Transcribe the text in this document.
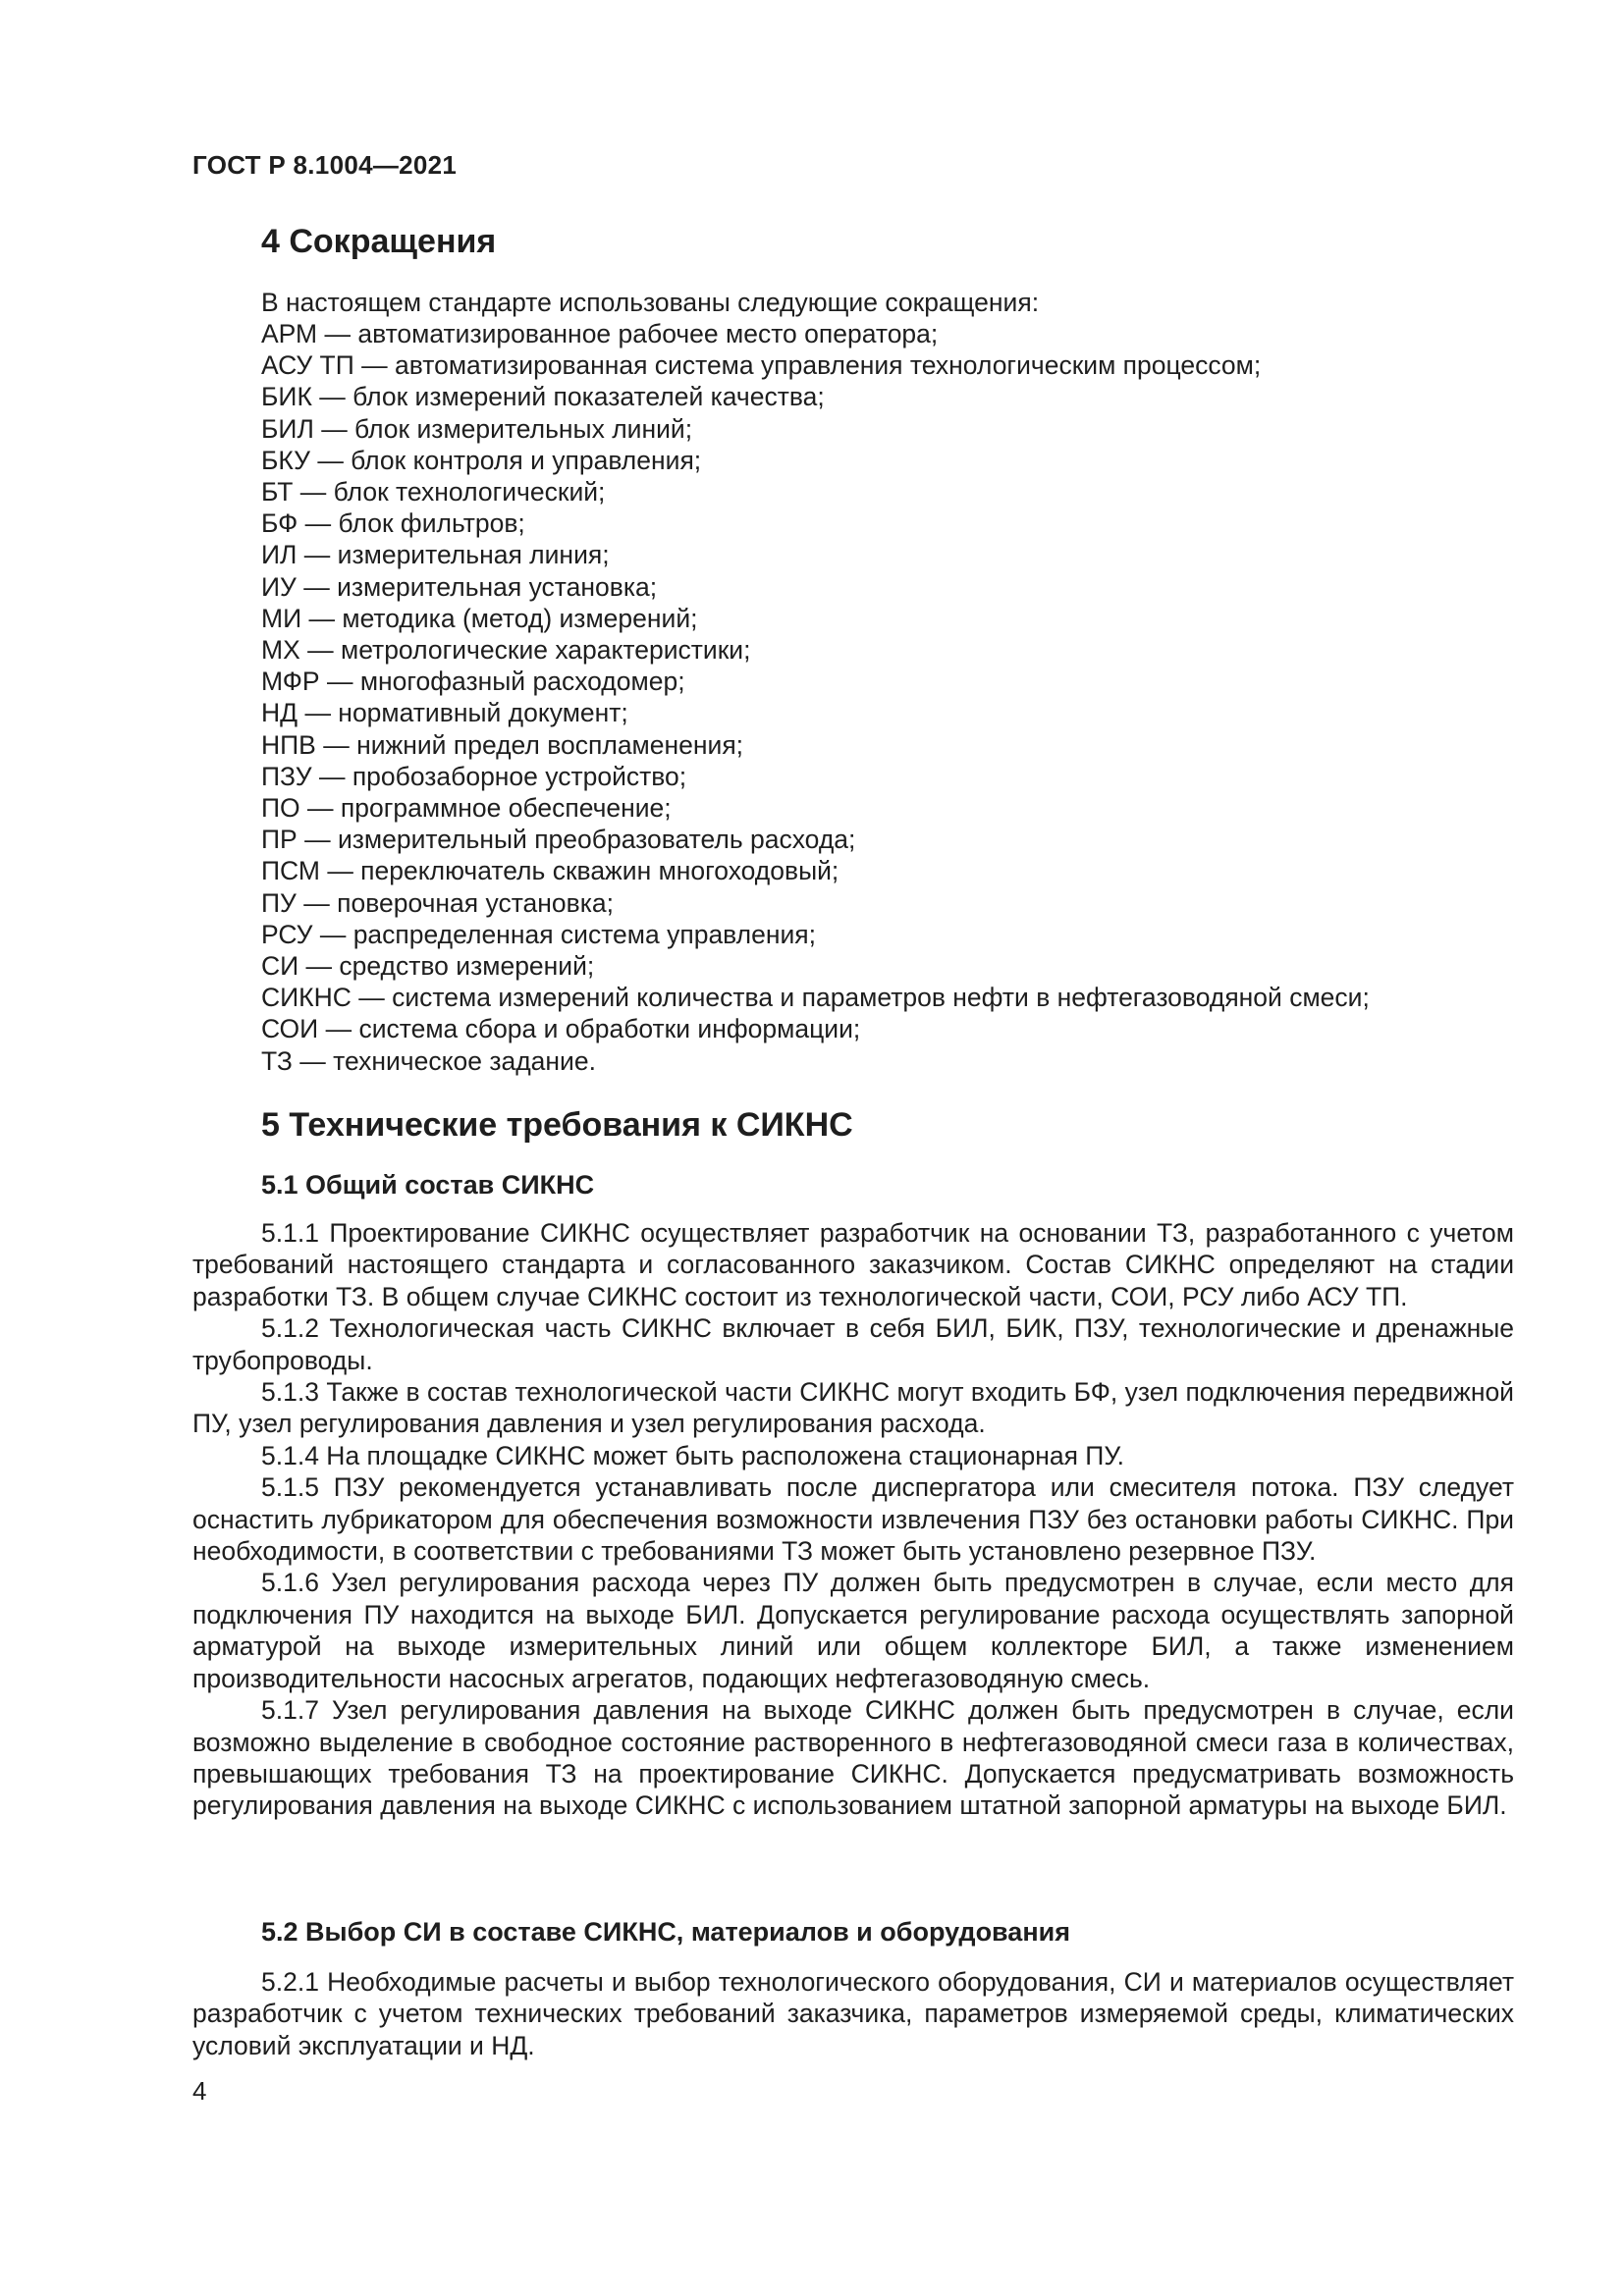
ГОСТ Р 8.1004—2021
4 Сокращения

В настоящем стандарте использованы следующие сокращения:

АРМ — автоматизированное рабочее место оператора;
АСУ ТП — автоматизированная система управления технологическим процессом;
БИК — блок измерений показателей качества;
БИЛ — блок измерительных линий;
БКУ — блок контроля и управления;
БТ — блок технологический;
БФ — блок фильтров;
ИЛ — измерительная линия;
ИУ — измерительная установка;
МИ — методика (метод) измерений;
МХ — метрологические характеристики;
МФР — многофазный расходомер;
НД — нормативный документ;
НПВ — нижний предел воспламенения;
ПЗУ — пробозаборное устройство;
ПО — программное обеспечение;
ПР — измерительный преобразователь расхода;
ПСМ — переключатель скважин многоходовый;
ПУ — поверочная установка;
РСУ — распределенная система управления;
СИ — средство измерений;
СИКНС — система измерений количества и параметров нефти в нефтегазоводяной смеси;
СОИ — система сбора и обработки информации;
ТЗ — техническое задание.
5 Технические требования к СИКНС
5.1 Общий состав СИКНС

5.1.1 Проектирование СИКНС осуществляет разработчик на основании ТЗ, разработанного с учетом требований настоящего стандарта и согласованного заказчиком. Состав СИКНС определяют на стадии разработки ТЗ. В общем случае СИКНС состоит из технологической части, СОИ, РСУ либо АСУ ТП.

5.1.2 Технологическая часть СИКНС включает в себя БИЛ, БИК, ПЗУ, технологические и дренажные трубопроводы.

5.1.3 Также в состав технологической части СИКНС могут входить БФ, узел подключения передвижной ПУ, узел регулирования давления и узел регулирования расхода.

5.1.4 На площадке СИКНС может быть расположена стационарная ПУ.

5.1.5 ПЗУ рекомендуется устанавливать после диспергатора или смесителя потока. ПЗУ следует оснастить лубрикатором для обеспечения возможности извлечения ПЗУ без остановки работы СИКНС. При необходимости, в соответствии с требованиями ТЗ может быть установлено резервное ПЗУ.

5.1.6 Узел регулирования расхода через ПУ должен быть предусмотрен в случае, если место для подключения ПУ находится на выходе БИЛ. Допускается регулирование расхода осуществлять запорной арматурой на выходе измерительных линий или общем коллекторе БИЛ, а также изменением производительности насосных агрегатов, подающих нефтегазоводяную смесь.

5.1.7 Узел регулирования давления на выходе СИКНС должен быть предусмотрен в случае, если возможно выделение в свободное состояние растворенного в нефтегазоводяной смеси газа в количествах, превышающих требования ТЗ на проектирование СИКНС. Допускается предусматривать возможность регулирования давления на выходе СИКНС с использованием штатной запорной арматуры на выходе БИЛ.

5.2 Выбор СИ в составе СИКНС, материалов и оборудования

5.2.1 Необходимые расчеты и выбор технологического оборудования, СИ и материалов осуществляет разработчик с учетом технических требований заказчика, параметров измеряемой среды, климатических условий эксплуатации и НД.

4
